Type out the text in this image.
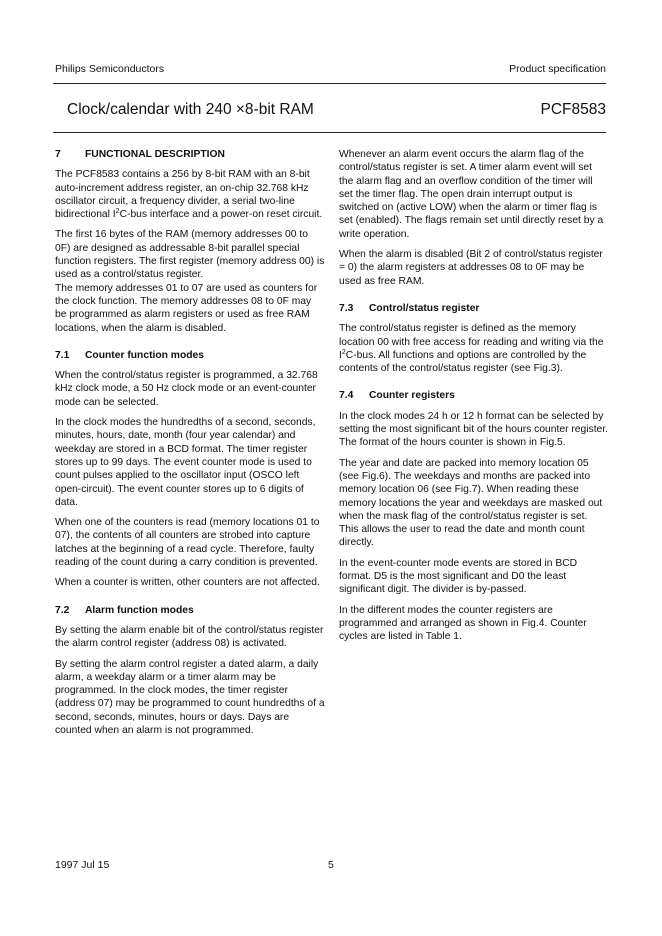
Philips Semiconductors	Product specification
Clock/calendar with 240 ×8-bit RAM	PCF8583
7 FUNCTIONAL DESCRIPTION

The PCF8583 contains a 256 by 8-bit RAM with an 8-bit auto-increment address register, an on-chip 32.768 kHz oscillator circuit, a frequency divider, a serial two-line bidirectional $I^2C$-bus interface and a power-on reset circuit.

The first 16 bytes of the RAM (memory addresses 00 to 0F) are designed as addressable 8-bit parallel special function registers. The first register (memory address 00) is used as a control/status register.

The memory addresses 01 to 07 are used as counters for the clock function. The memory addresses 08 to 0F may be programmed as alarm registers or used as free RAM locations, when the alarm is disabled.

7.1 Counter function modes

When the control/status register is programmed, a 32.768 kHz clock mode, a 50 Hz clock mode or an event-counter mode can be selected.

In the clock modes the hundredths of a second, seconds, minutes, hours, date, month (four year calendar) and weekday are stored in a BCD format. The timer register stores up to 99 days. The event counter mode is used to count pulses applied to the oscillator input (OSCO left open-circuit). The event counter stores up to 6 digits of data.

When one of the counters is read (memory locations 01 to 07), the contents of all counters are strobed into capture latches at the beginning of a read cycle. Therefore, faulty reading of the count during a carry condition is prevented.

When a counter is written, other counters are not affected.

7.2 Alarm function modes

By setting the alarm enable bit of the control/status register the alarm control register (address 08) is activated.

By setting the alarm control register a dated alarm, a daily alarm, a weekday alarm or a timer alarm may be programmed. In the clock modes, the timer register (address 07) may be programmed to count hundredths of a second, seconds, minutes, hours or days. Days are counted when an alarm is not programmed.

Whenever an alarm event occurs the alarm flag of the control/status register is set. A timer alarm event will set the alarm flag and an overflow condition of the timer will set the timer flag. The open drain interrupt output is switched on (active LOW) when the alarm or timer flag is set (enabled). The flags remain set until directly reset by a write operation.

When the alarm is disabled (Bit 2 of control/status register = 0) the alarm registers at addresses 08 to 0F may be used as free RAM.

7.3 Control/status register

The control/status register is defined as the memory location 00 with free access for reading and writing via the $I^2C$-bus. All functions and options are controlled by the contents of the control/status register (see Fig.3).

7.4 Counter registers

In the clock modes 24 h or 12 h format can be selected by setting the most significant bit of the hours counter register. The format of the hours counter is shown in Fig.5.

The year and date are packed into memory location 05 (see Fig.6). The weekdays and months are packed into memory location 06 (see Fig.7). When reading these memory locations the year and weekdays are masked out when the mask flag of the control/status register is set. This allows the user to read the date and month count directly.

In the event-counter mode events are stored in BCD format. D5 is the most significant and D0 the least significant digit. The divider is by-passed.

In the different modes the counter registers are programmed and arranged as shown in Fig.4. Counter cycles are listed in Table 1.

1997 Jul 15	5
